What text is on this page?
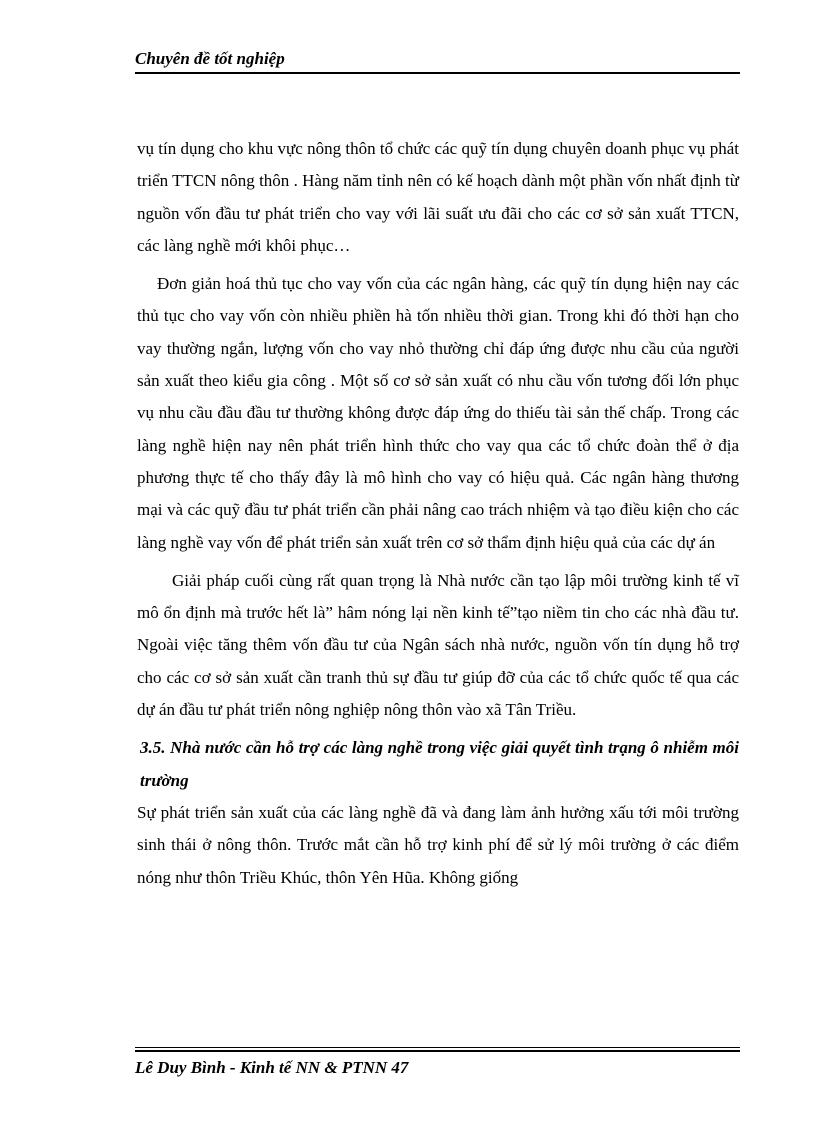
Chuyên đề tốt nghiệp

vụ tín dụng cho khu vực nông thôn tổ chức các quỹ tín dụng chuyên doanh phục vụ phát triển TTCN nông thôn . Hàng năm tỉnh nên có kế hoạch dành một phần vốn nhất định từ nguồn vốn đầu tư phát triển cho vay với lãi suất ưu đãi cho các cơ sở sản xuất TTCN, các làng nghề mới khôi phục…

Đơn giản hoá thủ tục cho vay vốn của các ngân hàng, các quỹ tín dụng hiện nay các thủ tục cho vay vốn còn nhiều phiền hà tốn nhiều thời gian. Trong khi đó thời hạn cho vay thường ngắn, lượng vốn cho vay nhỏ thường chỉ đáp ứng được nhu cầu của người sản xuất theo kiểu gia công . Một số cơ sở sản xuất có nhu cầu vốn tương đối lớn phục vụ nhu cầu đầu đầu tư thường không được đáp ứng do thiếu tài sản thế chấp. Trong các làng nghề hiện nay nên phát triển hình thức cho vay qua các tổ chức đoàn thể ở địa phương thực tế cho thấy đây là mô hình cho vay có hiệu quả. Các ngân hàng thương mại và các quỹ đầu tư phát triển cần phải nâng cao trách nhiệm và tạo điều kiện cho các làng nghề vay vốn để phát triển sản xuất trên cơ sở thẩm định hiệu quả của các dự án

Giải pháp cuối cùng rất quan trọng là Nhà nước cần tạo lập môi trường kinh tế vĩ mô ổn định mà trước hết là” hâm nóng lại nền kinh tế”tạo niềm tin cho các nhà đầu tư. Ngoài việc tăng thêm vốn đầu tư của Ngân sách nhà nước, nguồn vốn tín dụng hỗ trợ cho các cơ sở sản xuất cần tranh thủ sự đầu tư giúp đỡ của các tổ chức quốc tế qua các dự án đầu tư phát triển nông nghiệp nông thôn vào xã Tân Triều.

3.5. Nhà nước cần hỗ trợ các làng nghề trong việc giải quyết tình trạng ô nhiễm môi trường

Sự phát triển sản xuất của các làng nghề đã và đang làm ảnh hưởng xấu tới môi trường sinh thái ở nông thôn. Trước mắt cần hỗ trợ kinh phí để sử lý môi trường ở các điểm nóng như thôn Triều Khúc, thôn Yên Hũa. Không giống

Lê Duy Bình - Kinh tế NN & PTNN 47
